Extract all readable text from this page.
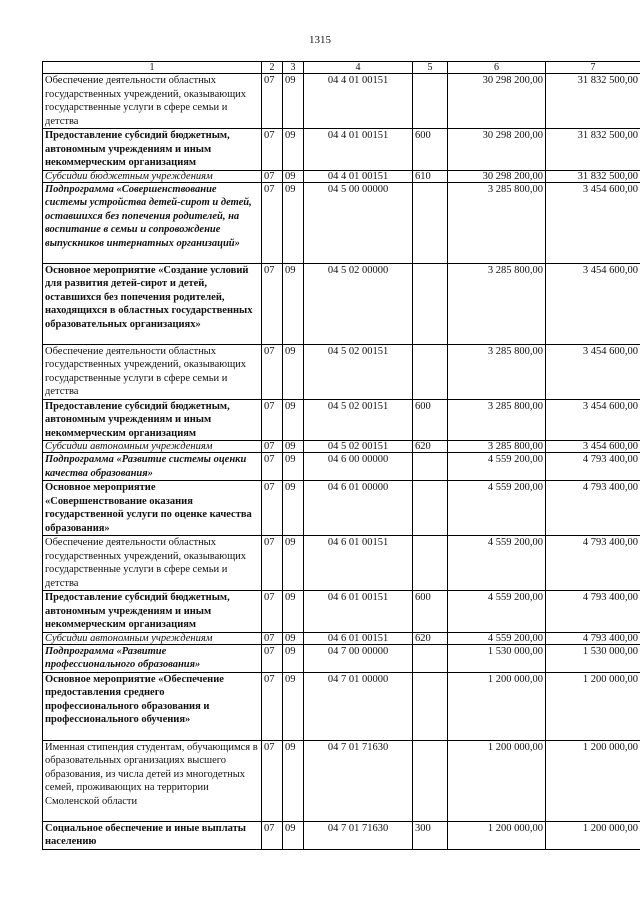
1315
1	2	3	4	5	6	7
Обеспечение деятельности областных государственных учреждений, оказывающих государственные услуги в сфере семьи и детства	07	09	04 4 01 00151		30 298 200,00	31 832 500,00
Предоставление субсидий бюджетным, автономным учреждениям и иным некоммерческим организациям	07	09	04 4 01 00151	600	30 298 200,00	31 832 500,00
Субсидии бюджетным учреждениям	07	09	04 4 01 00151	610	30 298 200,00	31 832 500,00
Подпрограмма «Совершенствование системы устройства детей-сирот и детей, оставшихся без попечения родителей, на воспитание в семьи и сопровождение выпускников интернатных организаций»	07	09	04 5 00 00000		3 285 800,00	3 454 600,00
Основное мероприятие «Создание условий для развития детей-сирот и детей, оставшихся без попечения родителей, находящихся в областных государственных образовательных организациях»	07	09	04 5 02 00000		3 285 800,00	3 454 600,00
Обеспечение деятельности областных государственных учреждений, оказывающих государственные услуги в сфере семьи и детства	07	09	04 5 02 00151		3 285 800,00	3 454 600,00
Предоставление субсидий бюджетным, автономным учреждениям и иным некоммерческим организациям	07	09	04 5 02 00151	600	3 285 800,00	3 454 600,00
Субсидии автономным учреждениям	07	09	04 5 02 00151	620	3 285 800,00	3 454 600,00
Подпрограмма «Развитие системы оценки качества образования»	07	09	04 6 00 00000		4 559 200,00	4 793 400,00
Основное мероприятие «Совершенствование оказания государственной услуги по оценке качества образования»	07	09	04 6 01 00000		4 559 200,00	4 793 400,00
Обеспечение деятельности областных государственных учреждений, оказывающих государственные услуги в сфере семьи и детства	07	09	04 6 01 00151		4 559 200,00	4 793 400,00
Предоставление субсидий бюджетным, автономным учреждениям и иным некоммерческим организациям	07	09	04 6 01 00151	600	4 559 200,00	4 793 400,00
Субсидии автономным учреждениям	07	09	04 6 01 00151	620	4 559 200,00	4 793 400,00
Подпрограмма «Развитие профессионального образования»	07	09	04 7 00 00000		1 530 000,00	1 530 000,00
Основное мероприятие «Обеспечение предоставления среднего профессионального образования и профессионального обучения»	07	09	04 7 01 00000		1 200 000,00	1 200 000,00
Именная стипендия студентам, обучающимся в образовательных организациях высшего образования, из числа детей из многодетных семей, проживающих на территории Смоленской области	07	09	04 7 01 71630		1 200 000,00	1 200 000,00
Социальное обеспечение и иные выплаты населению	07	09	04 7 01 71630	300	1 200 000,00	1 200 000,00
